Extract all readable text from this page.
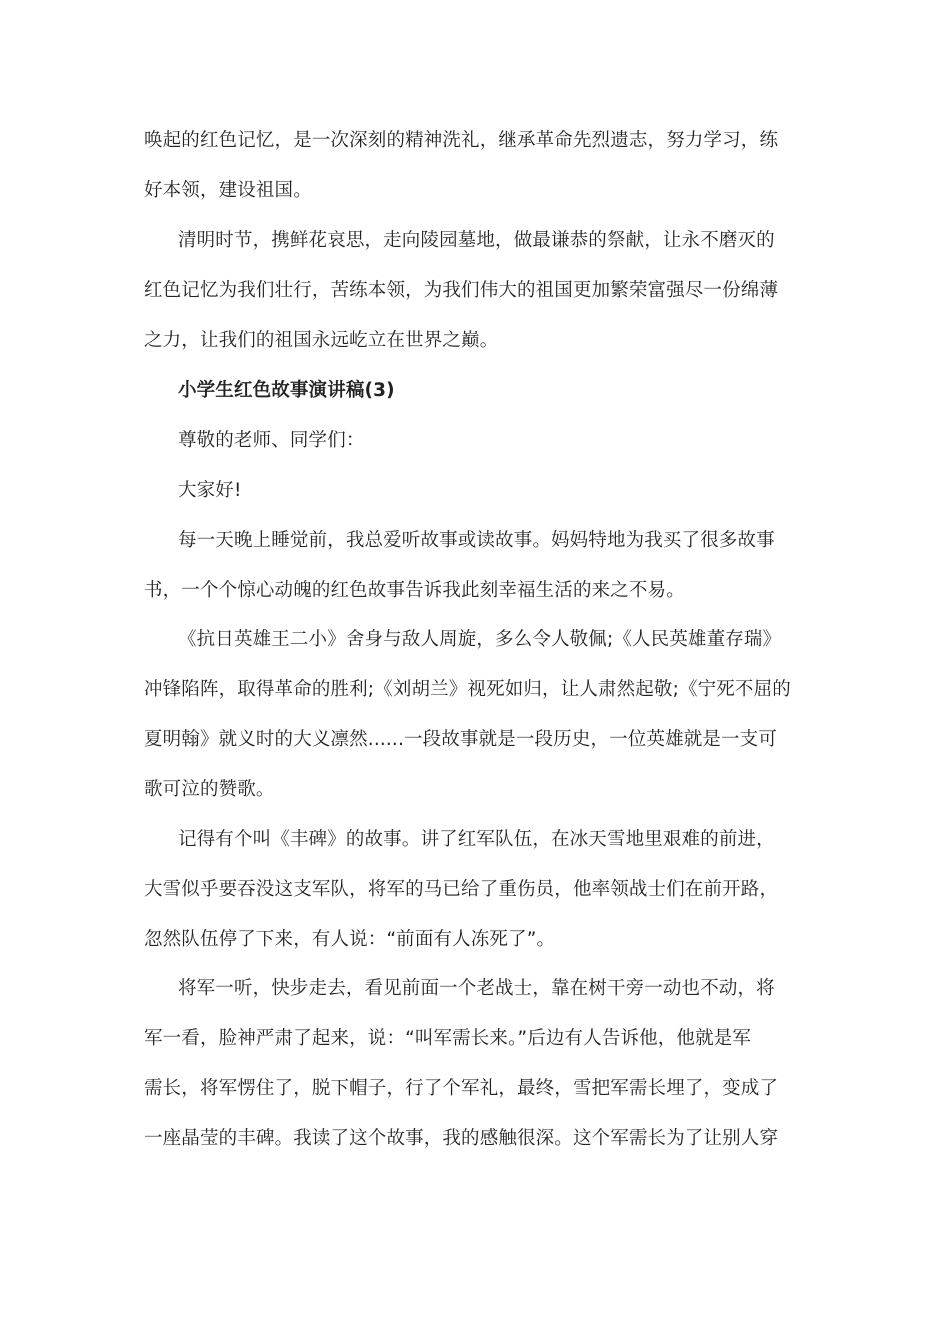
唤起的红色记忆，是一次深刻的精神洗礼，继承革命先烈遗志，努力学习，练
好本领，建设祖国。
清明时节，携鲜花哀思，走向陵园墓地，做最谦恭的祭献，让永不磨灭的
红色记忆为我们壮行，苦练本领，为我们伟大的祖国更加繁荣富强尽一份绵薄
之力，让我们的祖国永远屹立在世界之巅。
小学生红色故事演讲稿(3)
尊敬的老师、同学们：
大家好!
每一天晚上睡觉前，我总爱听故事或读故事。妈妈特地为我买了很多故事
书，一个个惊心动魄的红色故事告诉我此刻幸福生活的来之不易。
《抗日英雄王二小》舍身与敌人周旋，多么令人敬佩;《人民英雄董存瑞》
冲锋陷阵，取得革命的胜利;《刘胡兰》视死如归，让人肃然起敬;《宁死不屈的
夏明翰》就义时的大义凛然......一段故事就是一段历史，一位英雄就是一支可
歌可泣的赞歌。
记得有个叫《丰碑》的故事。讲了红军队伍，在冰天雪地里艰难的前进，
大雪似乎要吞没这支军队，将军的马已给了重伤员，他率领战士们在前开路，
忽然队伍停了下来，有人说：“前面有人冻死了”。
将军一听，快步走去，看见前面一个老战士，靠在树干旁一动也不动，将
军一看，脸神严肃了起来，说：“叫军需长来。”后边有人告诉他，他就是军
需长，将军愣住了，脱下帽子，行了个军礼，最终，雪把军需长埋了，变成了
一座晶莹的丰碑。我读了这个故事，我的感触很深。这个军需长为了让别人穿
